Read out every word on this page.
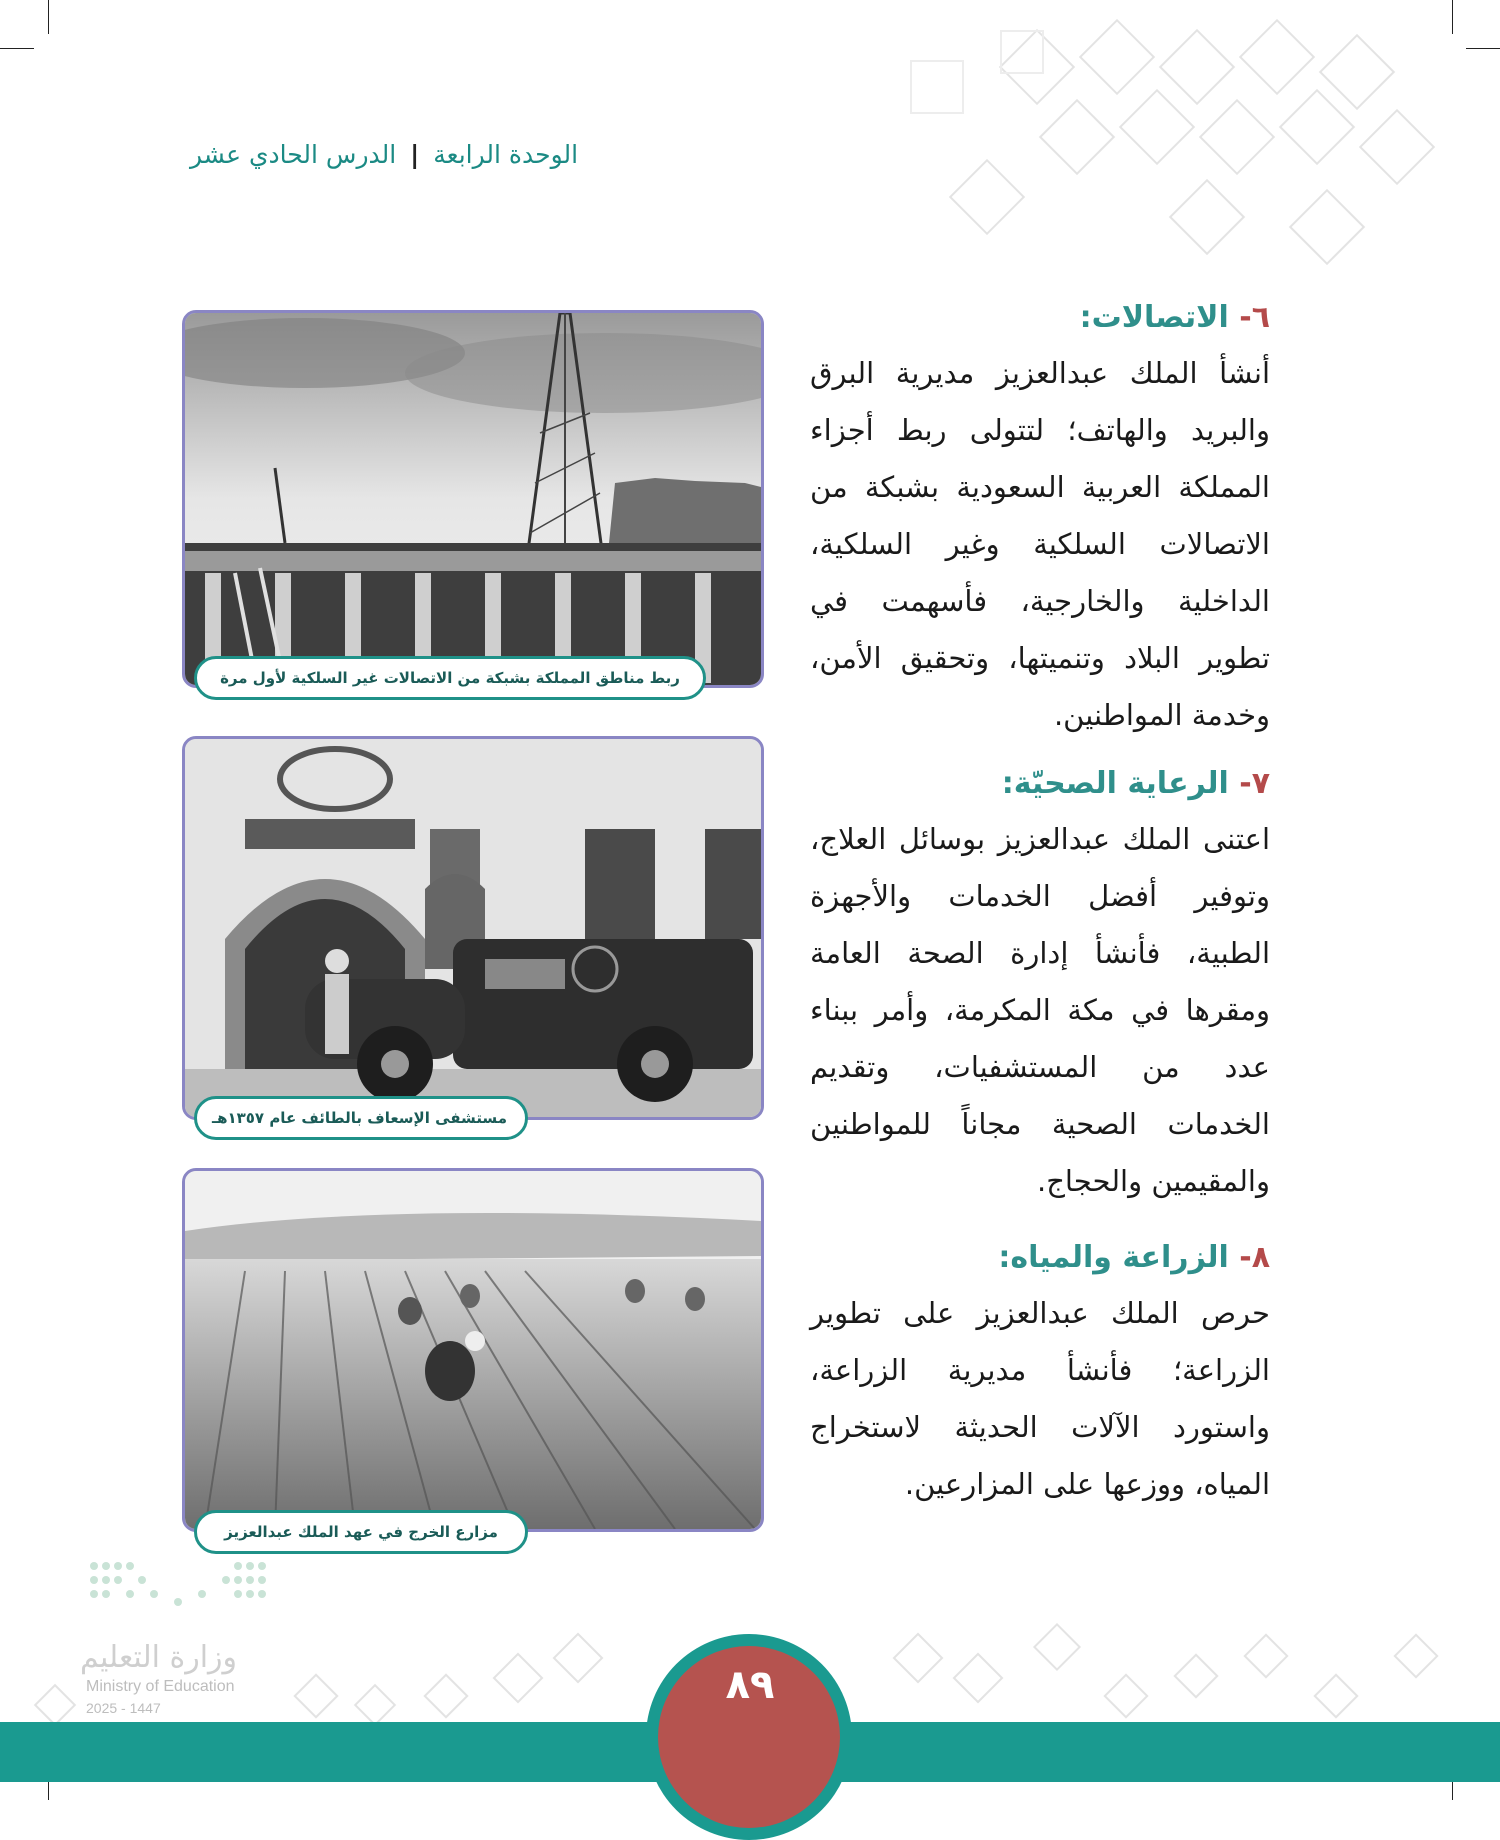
الوحدة الرابعة | الدرس الحادي عشر
٦- الاتصالات:

أنشأ الملك عبدالعزيز مديرية البرق والبريد والهاتف؛ لتتولى ربط أجزاء المملكة العربية السعودية بشبكة من الاتصالات السلكية وغير السلكية، الداخلية والخارجية، فأسهمت في تطوير البلاد وتنميتها، وتحقيق الأمن، وخدمة المواطنين.

٧- الرعاية الصحيّة:

اعتنى الملك عبدالعزيز بوسائل العلاج، وتوفير أفضل الخدمات والأجهزة الطبية، فأنشأ إدارة الصحة العامة ومقرها في مكة المكرمة، وأمر ببناء عدد من المستشفيات، وتقديم الخدمات الصحية مجاناً للمواطنين والمقيمين والحجاج.

٨- الزراعة والمياه:

حرص الملك عبدالعزيز على تطوير الزراعة؛ فأنشأ مديرية الزراعة، واستورد الآلات الحديثة لاستخراج المياه، ووزعها على المزارعين.

ربط مناطق المملكة بشبكة من الاتصالات غير السلكية لأول مرة
مستشفى الإسعاف بالطائف عام ١٣٥٧هـ
مزارع الخرج في عهد الملك عبدالعزيز
وزارة التعليم
Ministry of Education
2025 - 1447	٨٩
